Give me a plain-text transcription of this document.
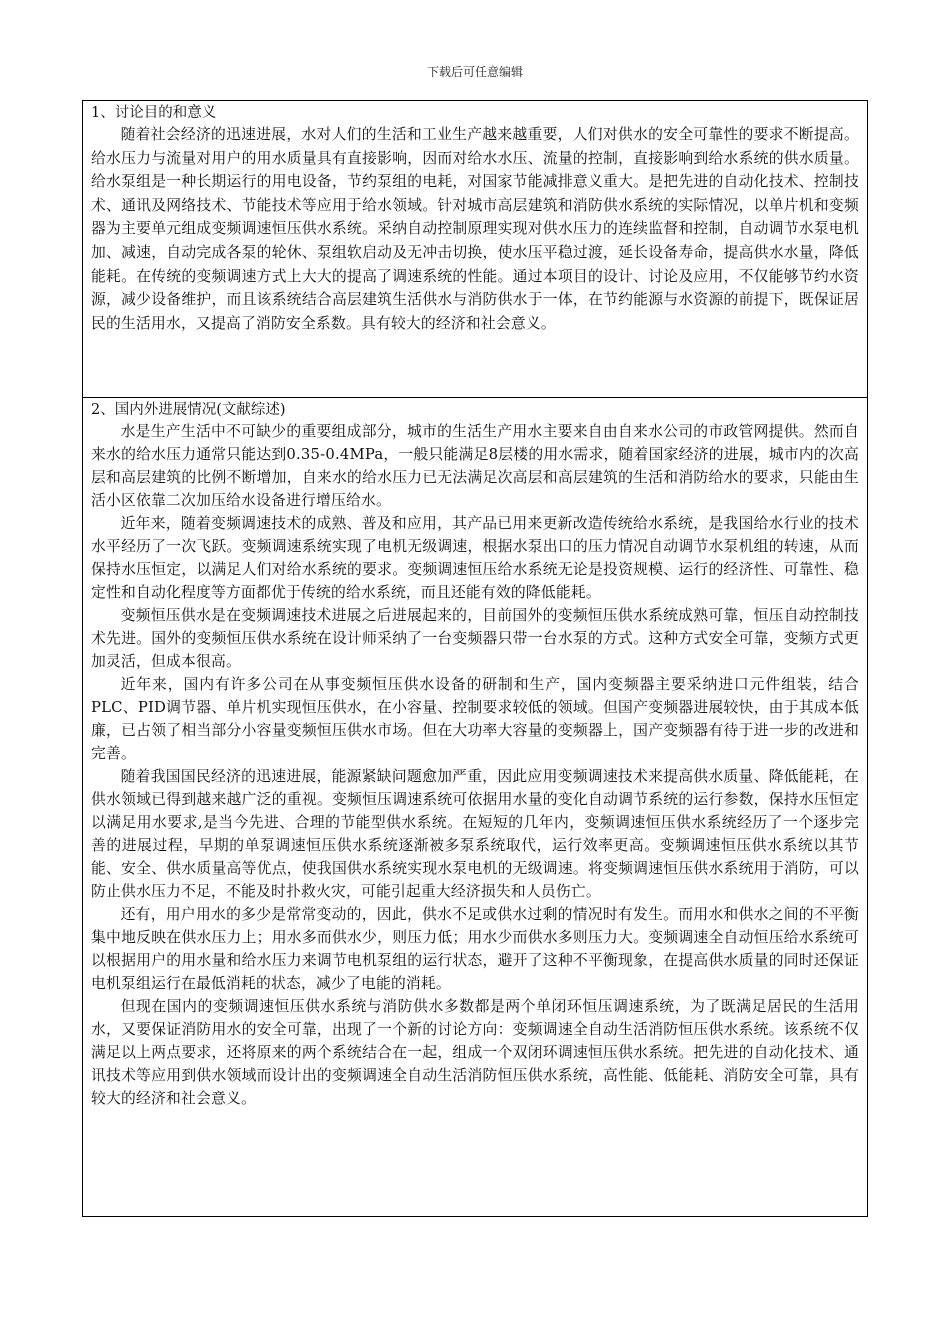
下载后可任意编辑

1、讨论目的和意义

随着社会经济的迅速进展，水对人们的生活和工业生产越来越重要，人们对供水的安全可靠性的要求不断提高。给水压力与流量对用户的用水质量具有直接影响，因而对给水水压、流量的控制，直接影响到给水系统的供水质量。给水泵组是一种长期运行的用电设备，节约泵组的电耗，对国家节能减排意义重大。是把先进的自动化技术、控制技术、通讯及网络技术、节能技术等应用于给水领域。针对城市高层建筑和消防供水系统的实际情况，以单片机和变频器为主要单元组成变频调速恒压供水系统。采纳自动控制原理实现对供水压力的连续监督和控制，自动调节水泵电机加、减速，自动完成各泵的轮休、泵组软启动及无冲击切换，使水压平稳过渡，延长设备寿命，提高供水水量，降低能耗。在传统的变频调速方式上大大的提高了调速系统的性能。通过本项目的设计、讨论及应用，不仅能够节约水资源，减少设备维护，而且该系统结合高层建筑生活供水与消防供水于一体，在节约能源与水资源的前提下，既保证居民的生活用水，又提高了消防安全系数。具有较大的经济和社会意义。

2、国内外进展情况(文献综述)

水是生产生活中不可缺少的重要组成部分，城市的生活生产用水主要来自由自来水公司的市政管网提供。然而自来水的给水压力通常只能达到0.35-0.4MPa，一般只能满足8层楼的用水需求，随着国家经济的进展，城市内的次高层和高层建筑的比例不断增加，自来水的给水压力已无法满足次高层和高层建筑的生活和消防给水的要求，只能由生活小区依靠二次加压给水设备进行增压给水。

近年来，随着变频调速技术的成熟、普及和应用，其产品已用来更新改造传统给水系统，是我国给水行业的技术水平经历了一次飞跃。变频调速系统实现了电机无级调速，根据水泵出口的压力情况自动调节水泵机组的转速，从而保持水压恒定，以满足人们对给水系统的要求。变频调速恒压给水系统无论是投资规模、运行的经济性、可靠性、稳定性和自动化程度等方面都优于传统的给水系统，而且还能有效的降低能耗。

变频恒压供水是在变频调速技术进展之后进展起来的，目前国外的变频恒压供水系统成熟可靠，恒压自动控制技术先进。国外的变频恒压供水系统在设计师采纳了一台变频器只带一台水泵的方式。这种方式安全可靠，变频方式更加灵活，但成本很高。

近年来，国内有许多公司在从事变频恒压供水设备的研制和生产，国内变频器主要采纳进口元件组装，结合PLC、PID调节器、单片机实现恒压供水，在小容量、控制要求较低的领域。但国产变频器进展较快，由于其成本低廉，已占领了相当部分小容量变频恒压供水市场。但在大功率大容量的变频器上，国产变频器有待于进一步的改进和完善。

随着我国国民经济的迅速进展，能源紧缺问题愈加严重，因此应用变频调速技术来提高供水质量、降低能耗，在供水领域已得到越来越广泛的重视。变频恒压调速系统可依据用水量的变化自动调节系统的运行参数，保持水压恒定以满足用水要求,是当今先进、合理的节能型供水系统。在短短的几年内，变频调速恒压供水系统经历了一个逐步完善的进展过程，早期的单泵调速恒压供水系统逐渐被多泵系统取代，运行效率更高。变频调速恒压供水系统以其节能、安全、供水质量高等优点，使我国供水系统实现水泵电机的无级调速。将变频调速恒压供水系统用于消防，可以防止供水压力不足，不能及时扑救火灾，可能引起重大经济损失和人员伤亡。

还有，用户用水的多少是常常变动的，因此，供水不足或供水过剩的情况时有发生。而用水和供水之间的不平衡集中地反映在供水压力上；用水多而供水少，则压力低；用水少而供水多则压力大。变频调速全自动恒压给水系统可以根据用户的用水量和给水压力来调节电机泵组的运行状态，避开了这种不平衡现象，在提高供水质量的同时还保证电机泵组运行在最低消耗的状态，减少了电能的消耗。

但现在国内的变频调速恒压供水系统与消防供水多数都是两个单闭环恒压调速系统，为了既满足居民的生活用水，又要保证消防用水的安全可靠，出现了一个新的讨论方向：变频调速全自动生活消防恒压供水系统。该系统不仅满足以上两点要求，还将原来的两个系统结合在一起，组成一个双闭环调速恒压供水系统。把先进的自动化技术、通讯技术等应用到供水领域而设计出的变频调速全自动生活消防恒压供水系统，高性能、低能耗、消防安全可靠，具有较大的经济和社会意义。
